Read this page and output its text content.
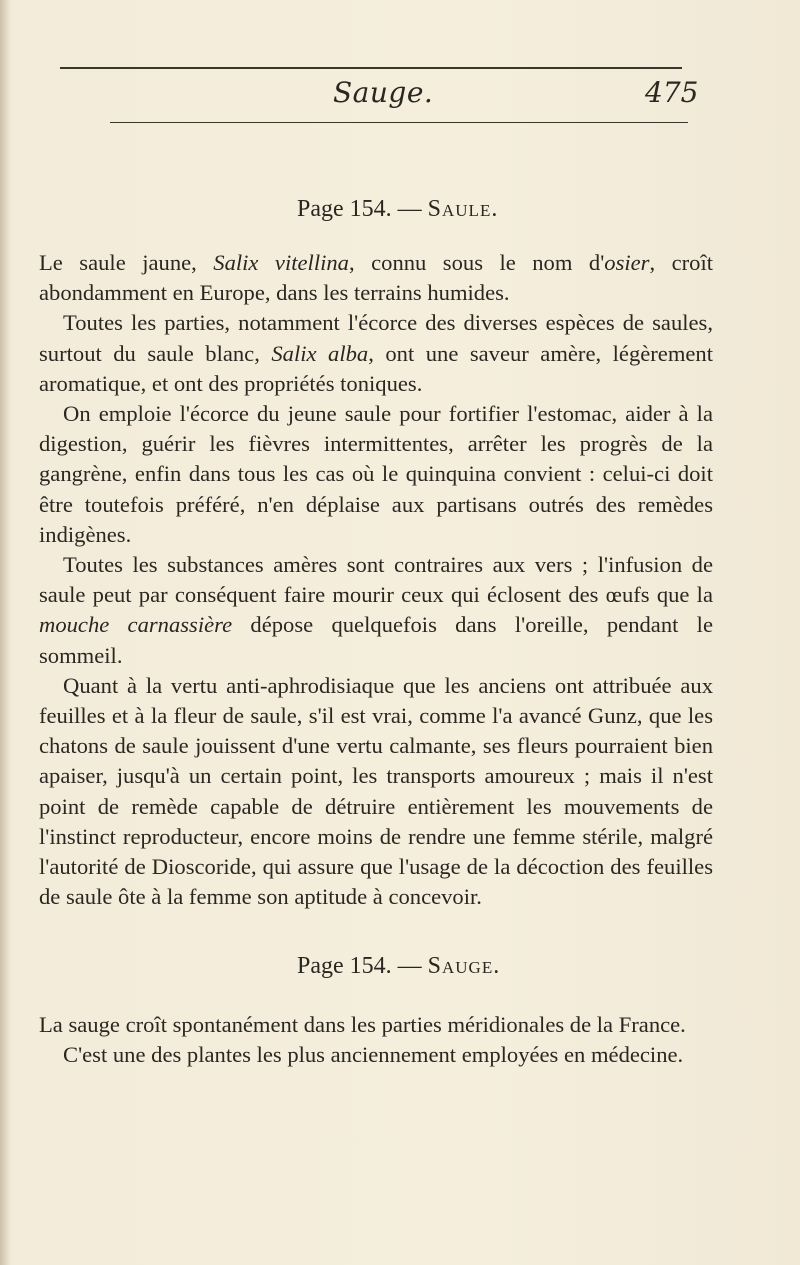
Sauge.	475
Page 154. — Saule.

Le saule jaune, Salix vitellina, connu sous le nom d'osier, croît abondamment en Europe, dans les terrains humides.

Toutes les parties, notamment l'écorce des diverses espèces de saules, surtout du saule blanc, Salix alba, ont une saveur amère, légèrement aromatique, et ont des propriétés toniques.

On emploie l'écorce du jeune saule pour fortifier l'estomac, aider à la digestion, guérir les fièvres intermittentes, arrêter les progrès de la gangrène, enfin dans tous les cas où le quinquina convient : celui-ci doit être toutefois préféré, n'en déplaise aux partisans outrés des remèdes indigènes.

Toutes les substances amères sont contraires aux vers ; l'infusion de saule peut par conséquent faire mourir ceux qui éclosent des œufs que la mouche carnassière dépose quelquefois dans l'oreille, pendant le sommeil.

Quant à la vertu anti-aphrodisiaque que les anciens ont attribuée aux feuilles et à la fleur de saule, s'il est vrai, comme l'a avancé Gunz, que les chatons de saule jouissent d'une vertu calmante, ses fleurs pourraient bien apaiser, jusqu'à un certain point, les transports amoureux ; mais il n'est point de remède capable de détruire entièrement les mouvements de l'instinct reproducteur, encore moins de rendre une femme stérile, malgré l'autorité de Dioscoride, qui assure que l'usage de la décoction des feuilles de saule ôte à la femme son aptitude à concevoir.

Page 154. — Sauge.

La sauge croît spontanément dans les parties méridionales de la France.

C'est une des plantes les plus anciennement employées en médecine.
